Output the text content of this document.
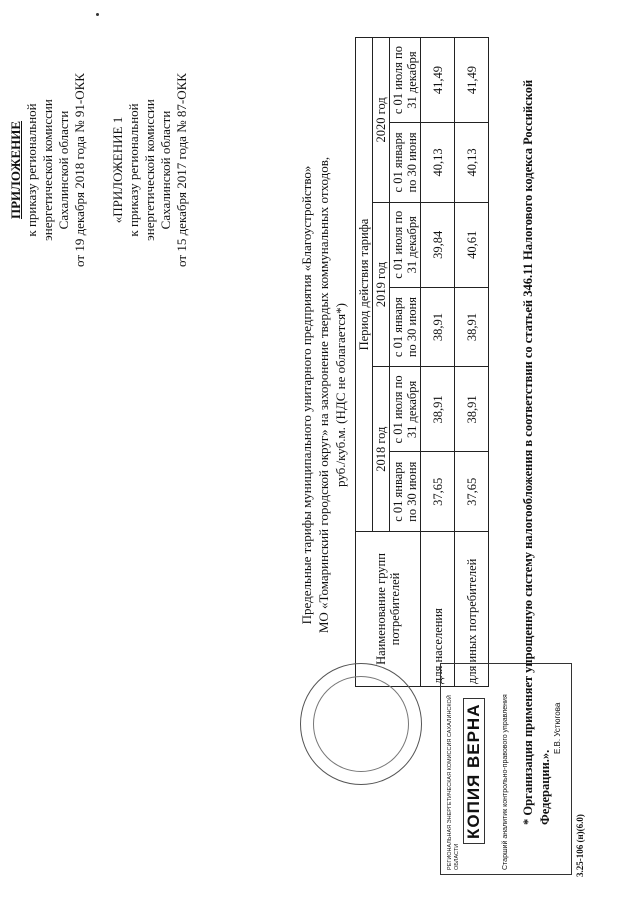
ПРИЛОЖЕНИЕ к приказу региональной энергетической комиссии Сахалинской области от 19 декабря 2018 года № 91-ОКК «ПРИЛОЖЕНИЕ 1 к приказу региональной энергетической комиссии Сахалинской области от 15 декабря 2017 года № 87-ОКК	Предельные тарифы муниципального унитарного предприятия «Благоустройство» МО «Томаринский городской округ» на захоронение твердых коммунальных отходов, руб./куб.м. (НДС не облагается*)
Наименование групп потребителей	Период действия тарифа					
	2018 год		2019 год		2020 год	
	с 01 января по 30 июня	с 01 июля по 31 декабря	с 01 января по 30 июня	с 01 июля по 31 декабря	с 01 января по 30 июня	с 01 июля по 31 декабря
для населения	37,65	38,91	38,91	39,84	40,13	41,49
для иных потребителей	37,65	38,91	38,91	40,61	40,13	41,49	* Организация применяет упрощенную систему налогообложения в соответствии со статьей 346.11 Налогового кодекса Российской Федерации.».
3.25-106 (н)(6.0)
РЕГИОНАЛЬНАЯ ЭНЕРГЕТИЧЕСКАЯ КОМИССИЯ САХАЛИНСКОЙ ОБЛАСТИ
КОПИЯ ВЕРНА	Старший аналитик контрольно-правового управления	Е.В. Устюгова
